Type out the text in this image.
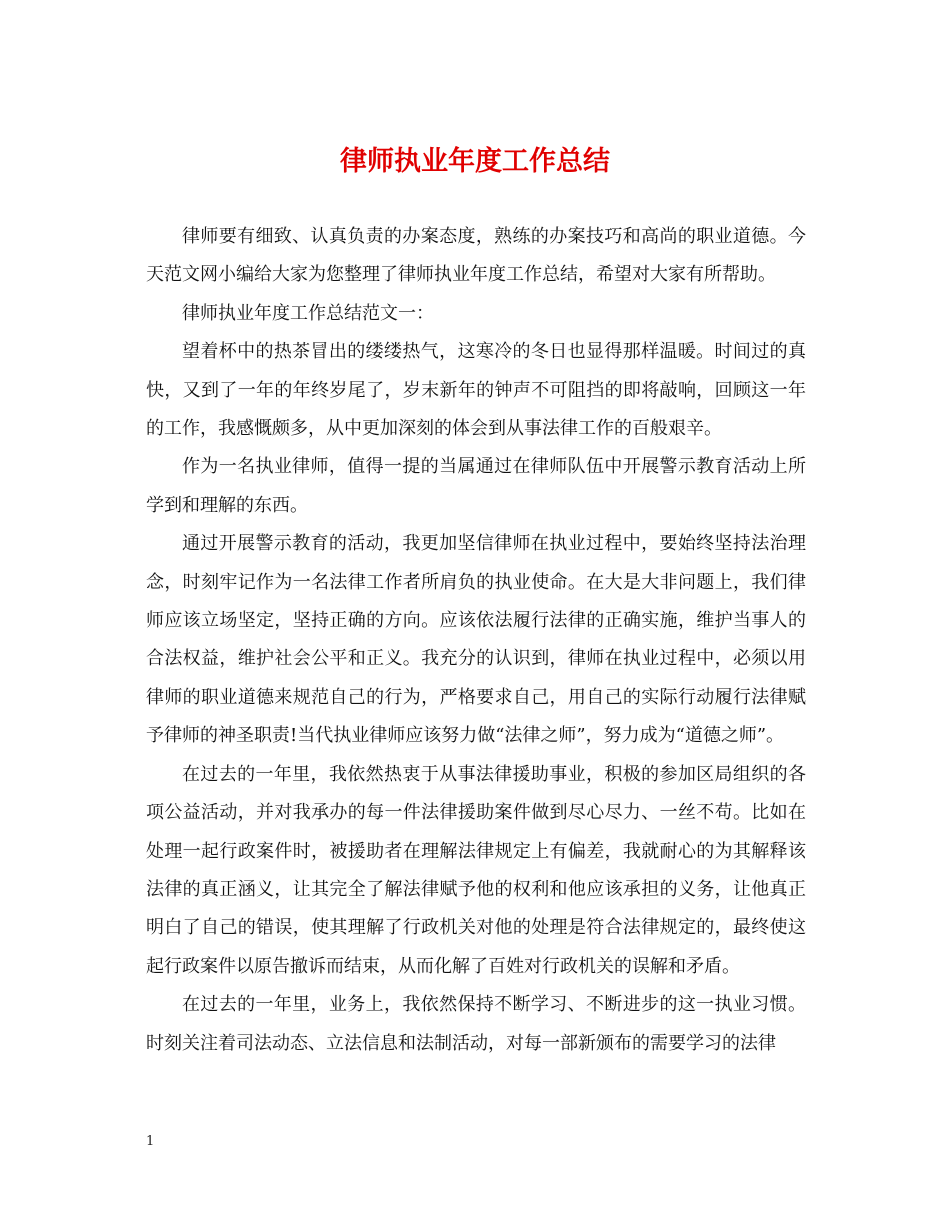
律师执业年度工作总结

律师要有细致、认真负责的办案态度，熟练的办案技巧和高尚的职业道德。今天范文网小编给大家为您整理了律师执业年度工作总结，希望对大家有所帮助。

律师执业年度工作总结范文一：

望着杯中的热茶冒出的缕缕热气，这寒冷的冬日也显得那样温暖。时间过的真快，又到了一年的年终岁尾了，岁末新年的钟声不可阻挡的即将敲响，回顾这一年的工作，我感慨颇多，从中更加深刻的体会到从事法律工作的百般艰辛。

作为一名执业律师，值得一提的当属通过在律师队伍中开展警示教育活动上所学到和理解的东西。

通过开展警示教育的活动，我更加坚信律师在执业过程中，要始终坚持法治理念，时刻牢记作为一名法律工作者所肩负的执业使命。在大是大非问题上，我们律师应该立场坚定，坚持正确的方向。应该依法履行法律的正确实施，维护当事人的合法权益，维护社会公平和正义。我充分的认识到，律师在执业过程中，必须以用律师的职业道德来规范自己的行为，严格要求自己，用自己的实际行动履行法律赋予律师的神圣职责!当代执业律师应该努力做“法律之师”，努力成为“道德之师”。

在过去的一年里，我依然热衷于从事法律援助事业，积极的参加区局组织的各项公益活动，并对我承办的每一件法律援助案件做到尽心尽力、一丝不苟。比如在处理一起行政案件时，被援助者在理解法律规定上有偏差，我就耐心的为其解释该法律的真正涵义，让其完全了解法律赋予他的权利和他应该承担的义务，让他真正明白了自己的错误，使其理解了行政机关对他的处理是符合法律规定的，最终使这起行政案件以原告撤诉而结束，从而化解了百姓对行政机关的误解和矛盾。

在过去的一年里，业务上，我依然保持不断学习、不断进步的这一执业习惯。时刻关注着司法动态、立法信息和法制活动，对每一部新颁布的需要学习的法律

1
